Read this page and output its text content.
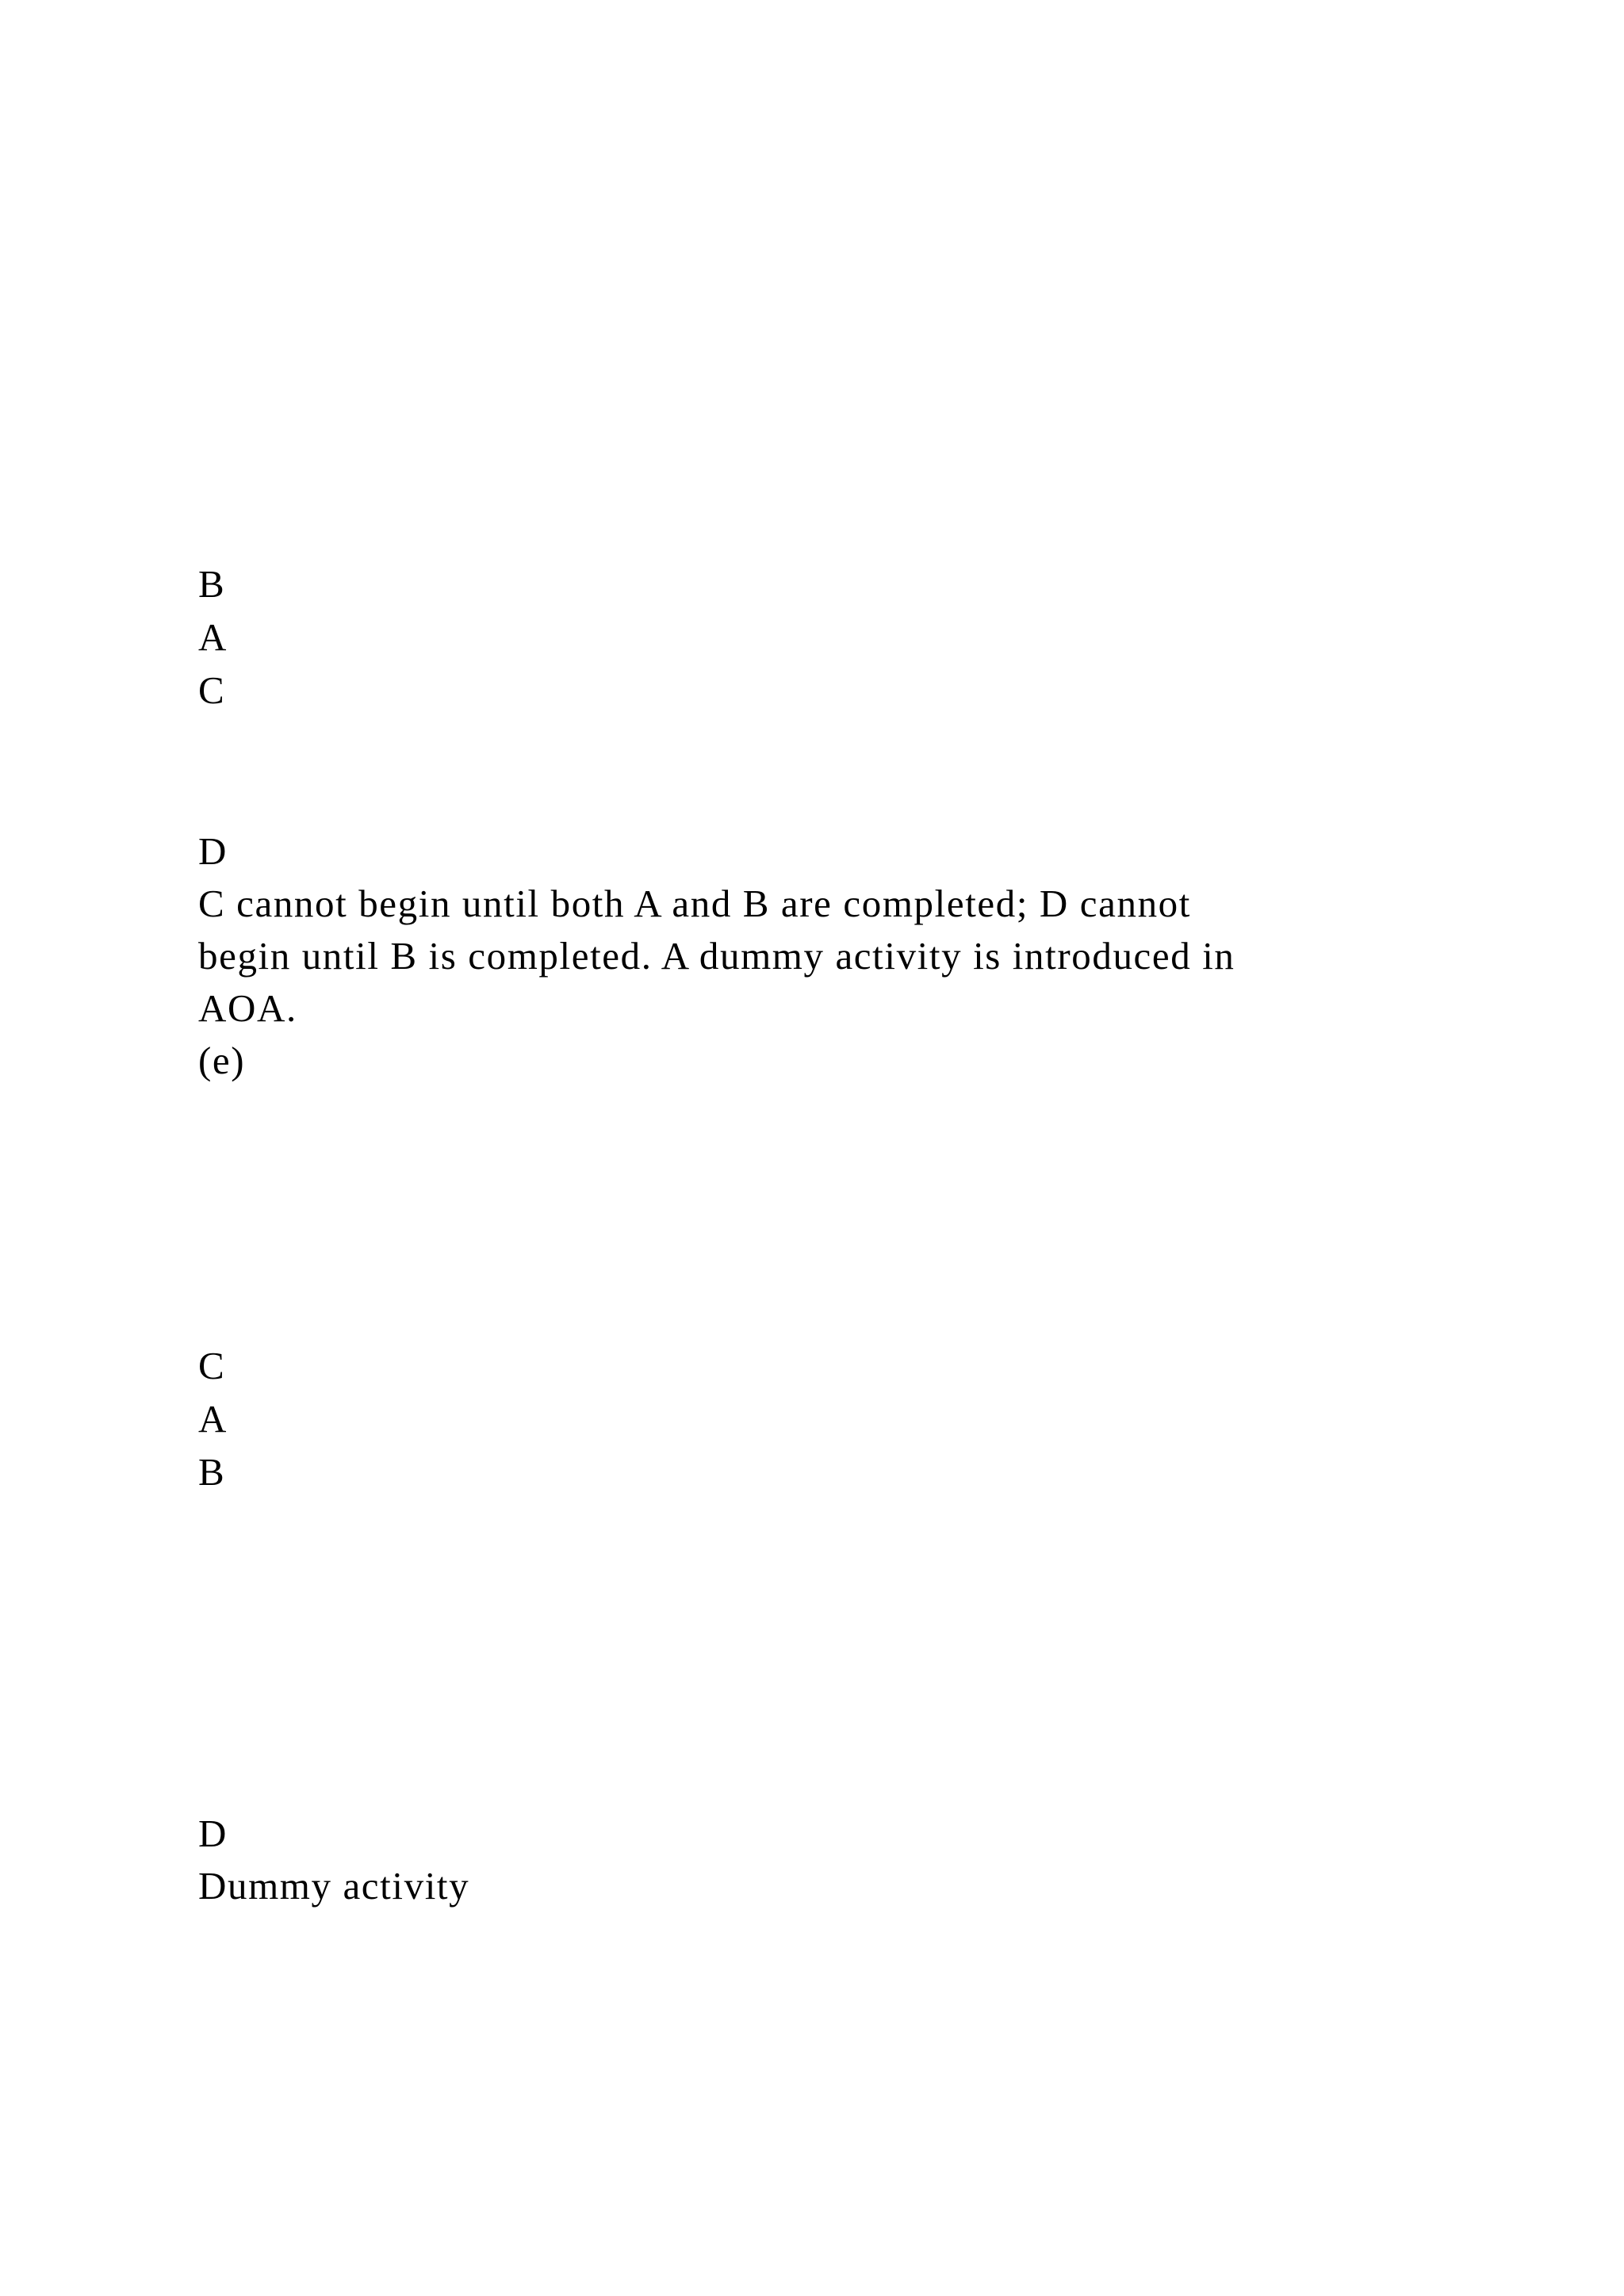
B
A
C
D
C cannot begin until both A and B are completed; D cannot
begin until B is completed. A dummy activity is introduced in
AOA.
(e)
C
A
B
D
Dummy activity
